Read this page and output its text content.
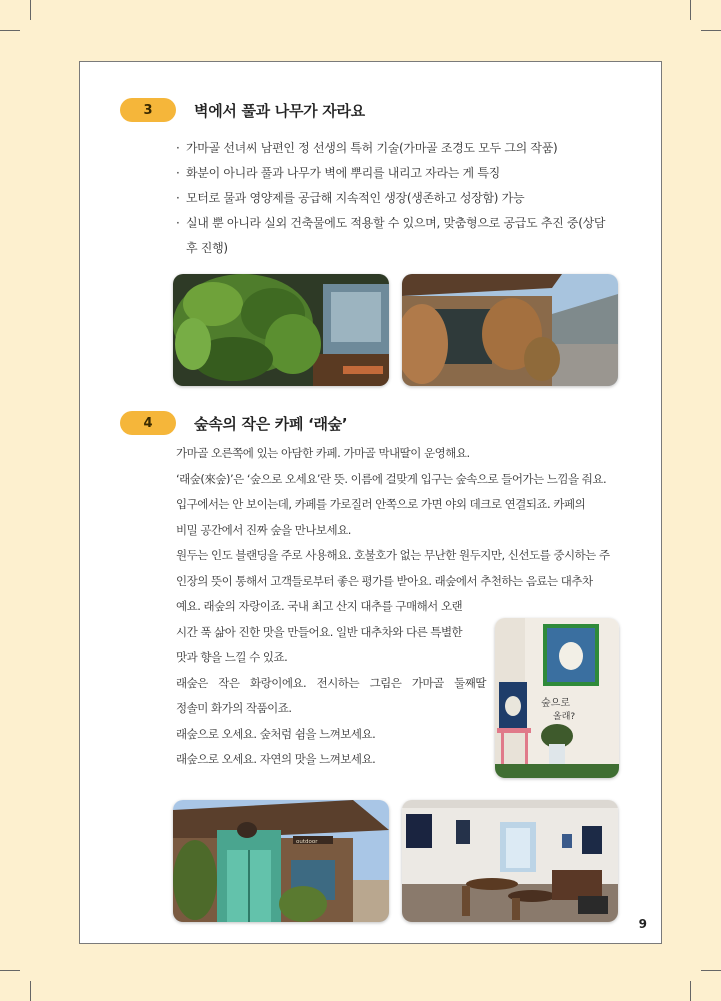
3	벽에서 풀과 나무가 자라요
· 가마골 선녀씨 남편인 정 선생의 특허 기술(가마골 조경도 모두 그의 작품)
· 화분이 아니라 풀과 나무가 벽에 뿌리를 내리고 자라는 게 특징
· 모터로 물과 영양제를 공급해 지속적인 생장(생존하고 성장함) 가능
· 실내 뿐 아니라 실외 건축물에도 적용할 수 있으며, 맞춤형으로 공급도 추진 중(상담
후 진행)
4	숲속의 작은 카페 ‘래숲’
가마골 오른쪽에 있는 아담한 카페. 가마골 막내딸이 운영해요.
‘래숲(來숲)’은 ‘숲으로 오세요’란 뜻. 이름에 걸맞게 입구는 숲속으로 들어가는 느낌을 줘요.
입구에서는 안 보이는데, 카페를 가로질러 안쪽으로 가면 야외 데크로 연결되죠. 카페의
비밀 공간에서 진짜 숲을 만나보세요.
원두는 인도 블랜딩을 주로 사용해요. 호불호가 없는 무난한 원두지만, 신선도를 중시하는 주
인장의 뜻이 통해서 고객들로부터 좋은 평가를 받아요. 래숲에서 추천하는 음료는 대추차
예요. 래숲의 자랑이죠. 국내 최고 산지 대추를 구매해서 오랜
시간 푹 삶아 진한 맛을 만들어요. 일반 대추차와 다른 특별한
맛과 향을 느낄 수 있죠.
래숲은 작은 화랑이에요. 전시하는 그림은 가마골 둘째딸
정솔미 화가의 작품이죠.
래숲으로 오세요. 숲처럼 쉼을 느껴보세요.
래숲으로 오세요. 자연의 맛을 느껴보세요.
숲으로
올래?
outdoor
9
